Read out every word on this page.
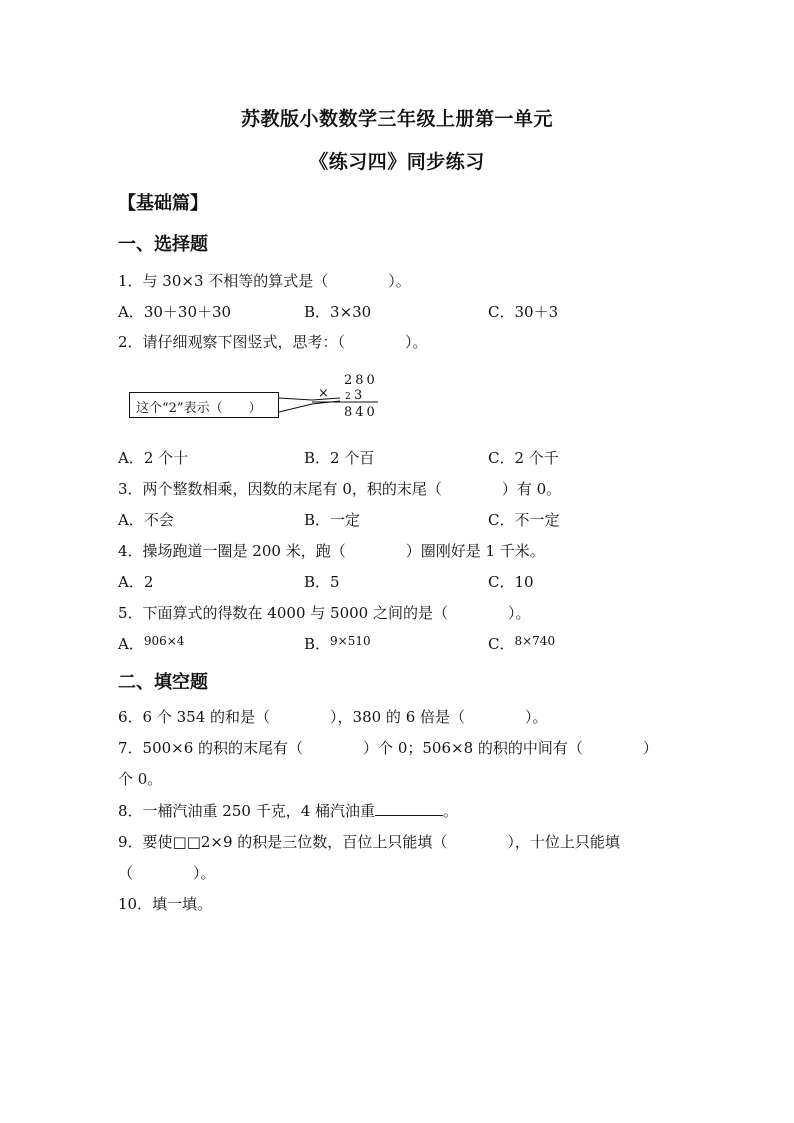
苏教版小数数学三年级上册第一单元
《练习四》同步练习
【基础篇】
一、选择题
1．与 30×3 不相等的算式是（　　　　）。
A．30＋30＋30	B．3×30	C．30＋3
2．请仔细观察下图竖式，思考：（　　　　）。
这个“2”表示（　　）
280
× 2 3
840
A．2 个十	B．2 个百	C．2 个千
3．两个整数相乘，因数的末尾有 0，积的末尾（　　　　）有 0。
A．不会	B．一定	C．不一定
4．操场跑道一圈是 200 米，跑（　　　　）圈刚好是 1 千米。
A．2	B．5	C．10
5．下面算式的得数在 4000 与 5000 之间的是（　　　　）。
A．$^{906\times 4}$	B．$^{9\times 510}$	C．$^{8\times 740}$
二、填空题
6．6 个 354 的和是（　　　　），380 的 6 倍是（　　　　）。
7．500×6 的积的末尾有（　　　　）个 0；506×8 的积的中间有（　　　　）
个 0。
8．一桶汽油重 250 千克，4 桶汽油重	。
9．要使□□2×9 的积是三位数，百位上只能填（　　　　），十位上只能填
（　　　　）。
10．填一填。
